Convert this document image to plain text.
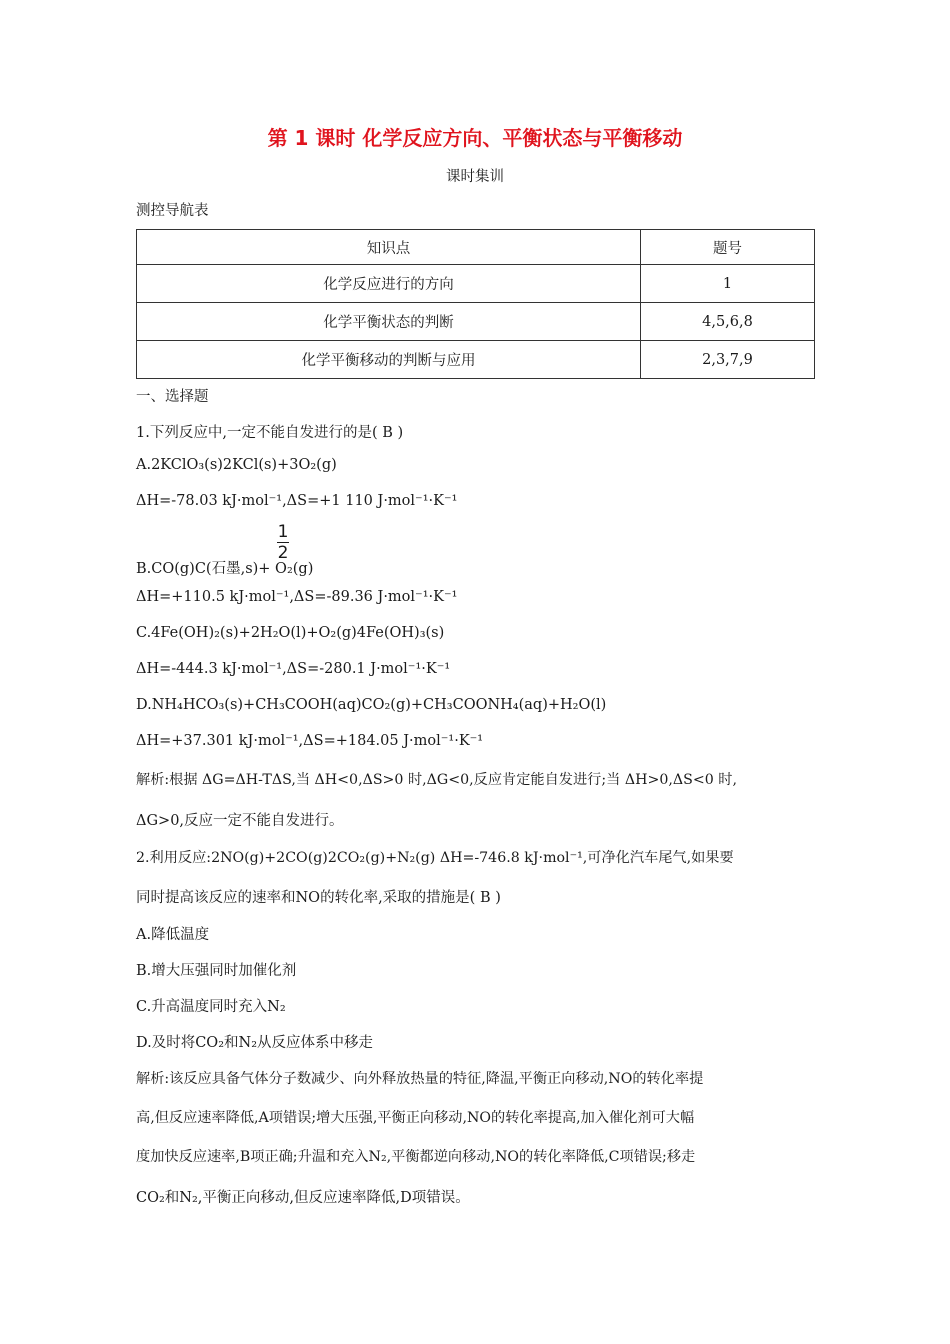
第 1 课时 化学反应方向、平衡状态与平衡移动
课时集训
测控导航表
知识点	题号
化学反应进行的方向	1
化学平衡状态的判断	4,5,6,8
化学平衡移动的判断与应用	2,3,7,9
一、选择题
1.下列反应中,一定不能自发进行的是( B )
A.2KClO₃(s)2KCl(s)+3O₂(g)
ΔH=-78.03 kJ·mol⁻¹,ΔS=+1 110 J·mol⁻¹·K⁻¹
1
2
B.CO(g)C(石墨,s)+ O₂(g)
ΔH=+110.5 kJ·mol⁻¹,ΔS=-89.36 J·mol⁻¹·K⁻¹
C.4Fe(OH)₂(s)+2H₂O(l)+O₂(g)4Fe(OH)₃(s)
ΔH=-444.3 kJ·mol⁻¹,ΔS=-280.1 J·mol⁻¹·K⁻¹
D.NH₄HCO₃(s)+CH₃COOH(aq)CO₂(g)+CH₃COONH₄(aq)+H₂O(l)
ΔH=+37.301 kJ·mol⁻¹,ΔS=+184.05 J·mol⁻¹·K⁻¹
解析:根据 ΔG=ΔH-TΔS,当 ΔH<0,ΔS>0 时,ΔG<0,反应肯定能自发进行;当 ΔH>0,ΔS<0 时,
ΔG>0,反应一定不能自发进行。
2.利用反应:2NO(g)+2CO(g)2CO₂(g)+N₂(g) ΔH=-746.8 kJ·mol⁻¹,可净化汽车尾气,如果要
同时提高该反应的速率和NO的转化率,采取的措施是( B )
A.降低温度
B.增大压强同时加催化剂
C.升高温度同时充入N₂
D.及时将CO₂和N₂从反应体系中移走
解析:该反应具备气体分子数减少、向外释放热量的特征,降温,平衡正向移动,NO的转化率提
高,但反应速率降低,A项错误;增大压强,平衡正向移动,NO的转化率提高,加入催化剂可大幅
度加快反应速率,B项正确;升温和充入N₂,平衡都逆向移动,NO的转化率降低,C项错误;移走
CO₂和N₂,平衡正向移动,但反应速率降低,D项错误。
